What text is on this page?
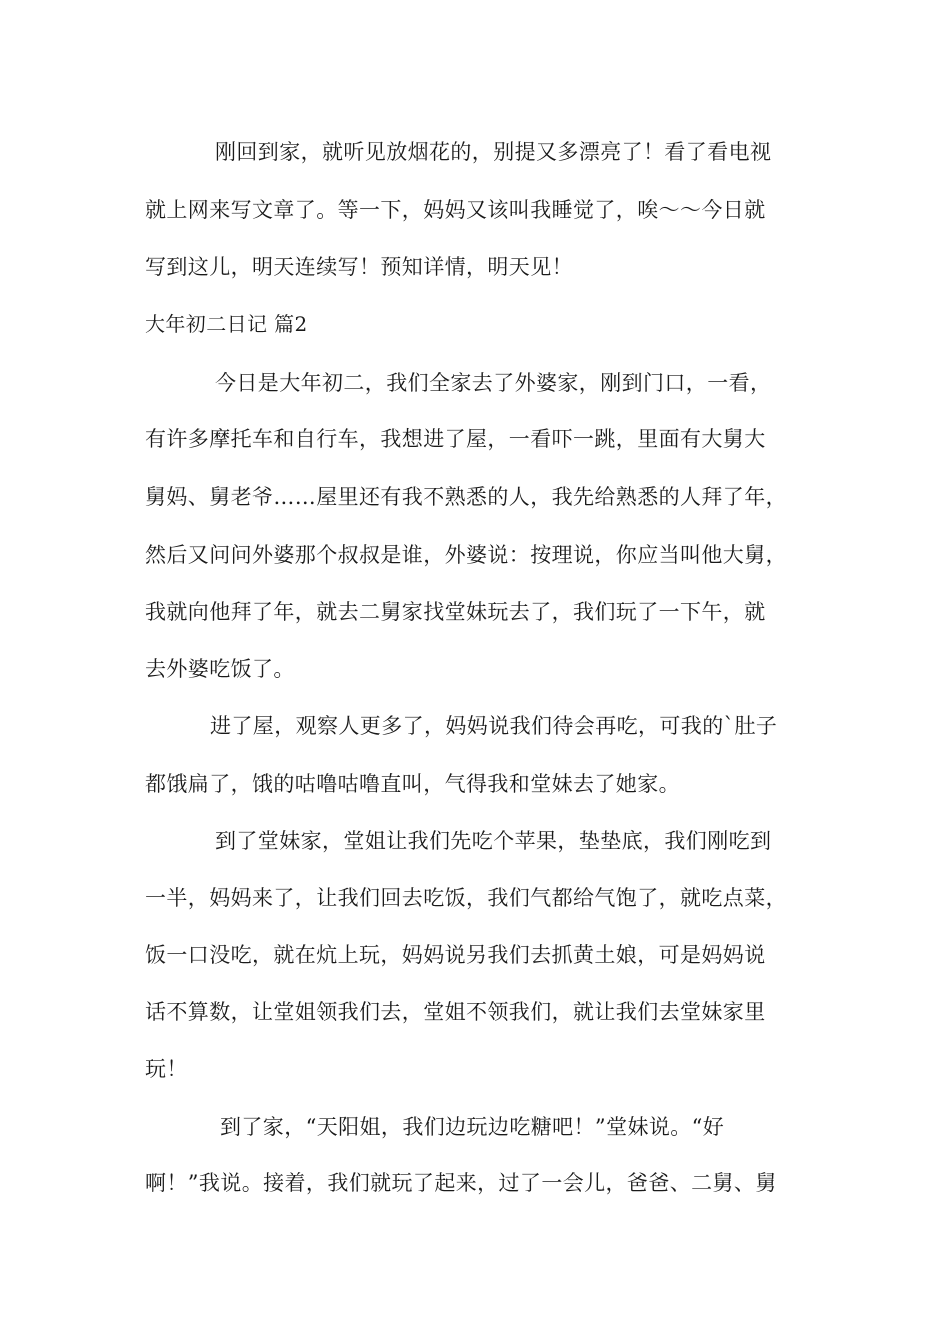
刚回到家，就听见放烟花的，别提又多漂亮了！看了看电视
就上网来写文章了。等一下，妈妈又该叫我睡觉了，唉～～今日就
写到这儿，明天连续写！预知详情，明天见！
大年初二日记 篇2
今日是大年初二，我们全家去了外婆家，刚到门口，一看，
有许多摩托车和自行车，我想进了屋，一看吓一跳，里面有大舅大
舅妈、舅老爷……屋里还有我不熟悉的人，我先给熟悉的人拜了年，
然后又问问外婆那个叔叔是谁，外婆说：按理说，你应当叫他大舅，
我就向他拜了年，就去二舅家找堂妹玩去了，我们玩了一下午，就
去外婆吃饭了。
进了屋，观察人更多了，妈妈说我们待会再吃，可我的`肚子
都饿扁了，饿的咕噜咕噜直叫，气得我和堂妹去了她家。
到了堂妹家，堂姐让我们先吃个苹果，垫垫底，我们刚吃到
一半，妈妈来了，让我们回去吃饭，我们气都给气饱了，就吃点菜，
饭一口没吃，就在炕上玩，妈妈说另我们去抓黄土娘，可是妈妈说
话不算数，让堂姐领我们去，堂姐不领我们，就让我们去堂妹家里
玩！
到了家，“天阳姐，我们边玩边吃糖吧！”堂妹说。“好
啊！”我说。接着，我们就玩了起来，过了一会儿，爸爸、二舅、舅
